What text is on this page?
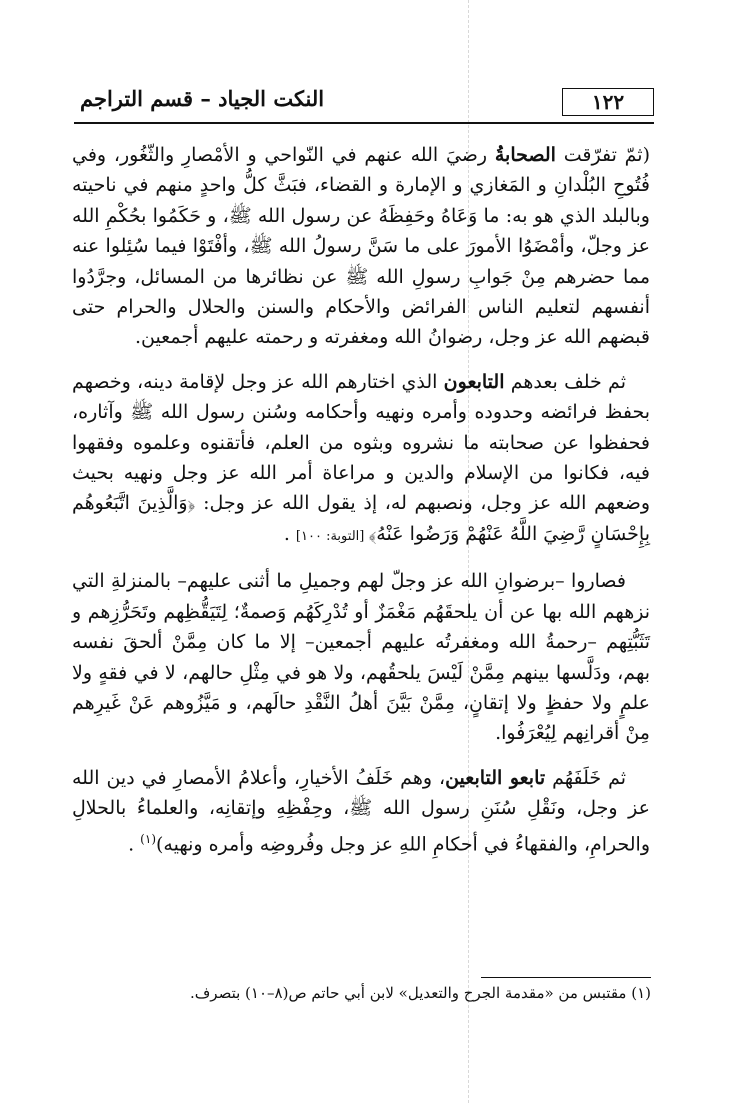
١٢٢
النكت الجياد – قسم التراجم

(ثمّ تفرّقت الصحابةُ رضيَ الله عنهم في النّواحي و الأمْصارِ والثّغُور، وفي فُتُوحِ البُلْدانِ و المَغازي و الإمارة و القضاء، فبَثَّ كلُّ واحدٍ منهم في ناحيته وبالبلد الذي هو به: ما وَعَاهُ وحَفِظَهُ عن رسول الله ﷺ، و حَكَمُوا بحُكْمِ الله عز وجلّ، وأمْضَوُا الأمورَ على ما سَنَّ رسولُ الله ﷺ، وأفْتَوْا فيما سُئِلوا عنه مما حضرهم مِنْ جَوابِ رسولِ الله ﷺ عن نظائرها من المسائل، وجرَّدُوا أنفسهم لتعليم الناس الفرائض والأحكام والسنن والحلال والحرام حتى قبضهم الله عز وجل، رضوانُ الله ومغفرته و رحمته عليهم أجمعين.

ثم خلف بعدهم التابعون الذي اختارهم الله عز وجل لإقامة دينه، وخصهم بحفظ فرائضه وحدوده وأمره ونهيه وأحكامه وسُنن رسول الله ﷺ وآثاره، فحفظوا عن صحابته ما نشروه وبثوه من العلم، فأتقنوه وعلموه وفقهوا فيه، فكانوا من الإسلام والدين و مراعاة أمر الله عز وجل ونهيه بحيث وضعهم الله عز وجل، ونصبهم له، إذ يقول الله عز وجل: ﴿وَالَّذِينَ اتَّبَعُوهُم بِإِحْسَانٍ رَّضِيَ اللَّهُ عَنْهُمْ وَرَضُوا عَنْهُ﴾ [التوبة: ١٠٠] .

فصاروا –برضوانِ الله عز وجلّ لهم وجميلِ ما أثنى عليهم– بالمنزلةِ التي نزههم الله بها عن أن يلحقَهُم مَغْمَزٌ أو تُدْرِكَهُم وَصمةٌ؛ لِتَيَقُّظِهم وتَحَرُّزِهم و تَثَبُّتِهم –رحمةُ الله ومغفرتُه عليهم أجمعين– إلا ما كان مِمَّنْ ألحقَ نفسه بهم، ودَلَّسها بينهم مِمَّنْ لَيْسَ يلحقُهم، ولا هو في مِثْلِ حالهم، لا في فقهٍ ولا علمٍ ولا حفظٍ ولا إتقانٍ، مِمَّنْ بَيَّنَ أهلُ النَّقْدِ حالَهم، و مَيَّزُوهم عَنْ غَيرِهم مِنْ أقرانِهم لِيُعْرَفُوا.

ثم خَلَفَهُم تابعو التابعين، وهم خَلَفُ الأخيارِ، وأعلامُ الأمصارِ في دين الله عز وجل، ونَقْلِ سُنَنِ رسول الله ﷺ، وحِفْظِهِ وإتقانِه، والعلماءُ بالحلالِ والحرامِ، والفقهاءُ في أحكامِ اللهِ عز وجل وفُروضِه وأمره ونهيه)$^{(١)}$ .

(١) مقتبس من «مقدمة الجرح والتعديل» لابن أبي حاتم ص(٨–١٠) بتصرف.
